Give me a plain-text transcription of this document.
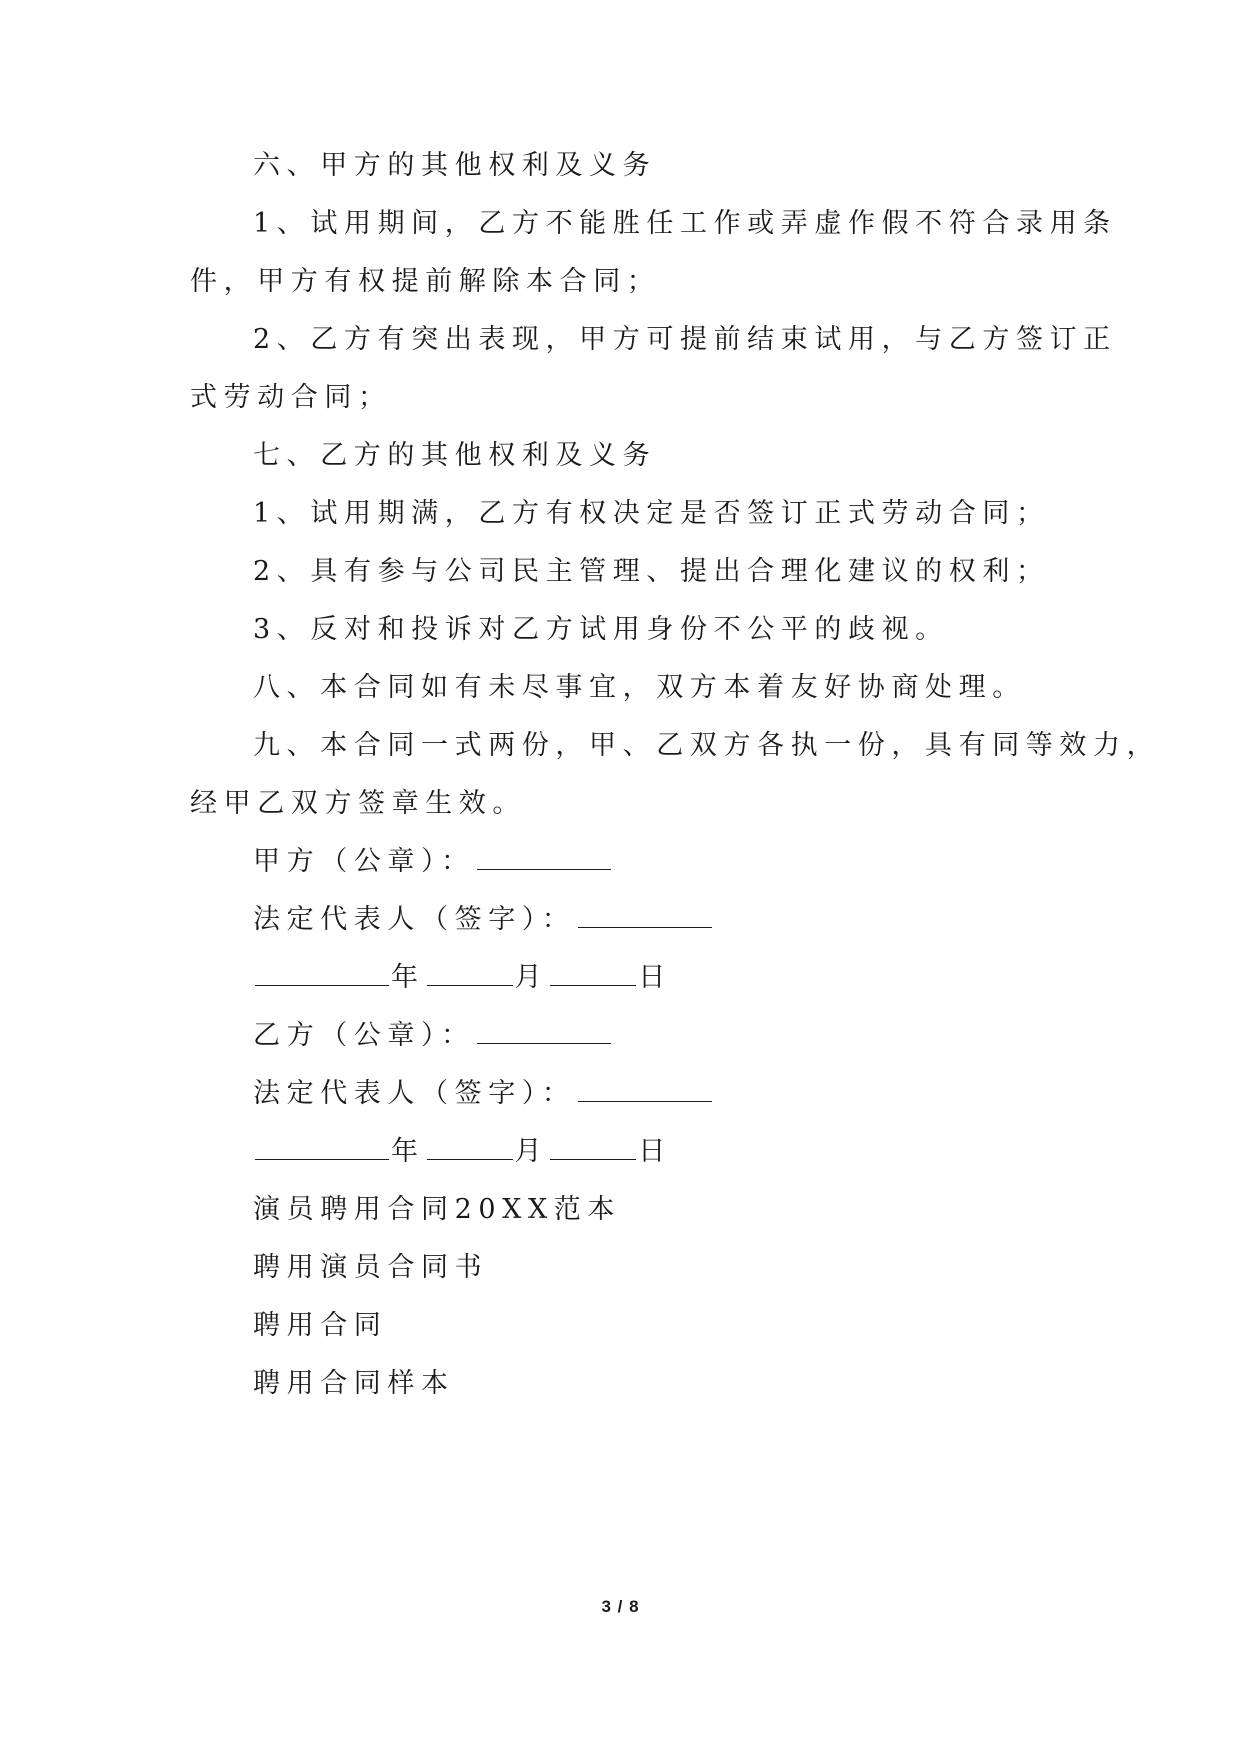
六、甲方的其他权利及义务
1、试用期间，乙方不能胜任工作或弄虚作假不符合录用条
件，甲方有权提前解除本合同；
2、乙方有突出表现，甲方可提前结束试用，与乙方签订正
式劳动合同；
七、乙方的其他权利及义务
1、试用期满，乙方有权决定是否签订正式劳动合同；
2、具有参与公司民主管理、提出合理化建议的权利；
3、反对和投诉对乙方试用身份不公平的歧视。
八、本合同如有未尽事宜，双方本着友好协商处理。
九、本合同一式两份，甲、乙双方各执一份，具有同等效力，
经甲乙双方签章生效。
甲方（公章）：
法定代表人（签字）：
年	月	日
乙方（公章）：
法定代表人（签字）：
年	月	日
演员聘用合同20XX范本
聘用演员合同书
聘用合同
聘用合同样本
3 / 8
